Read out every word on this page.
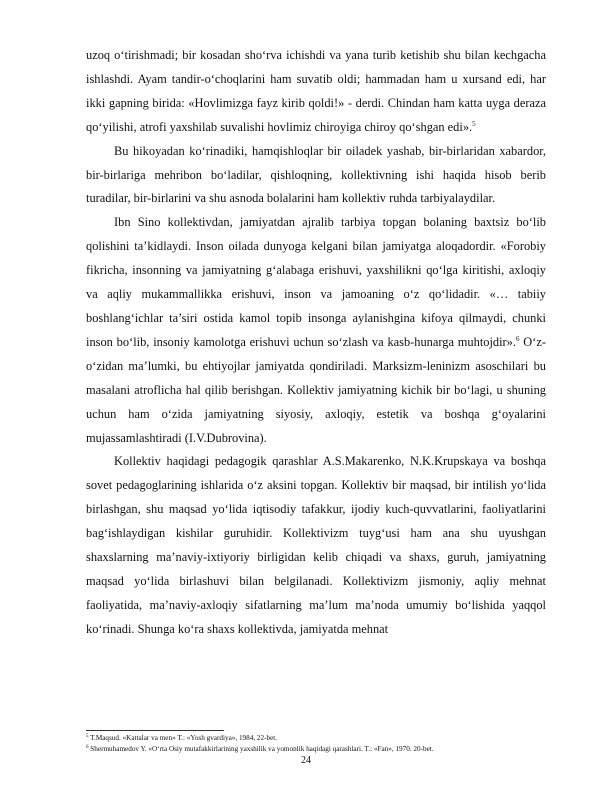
uzoq o‘tirishmadi; bir kosadan sho‘rva ichishdi va yana turib ketishib shu bilan kechgacha ishlashdi. Ayam tandir-o‘choqlarini ham suvatib oldi; hammadan ham u xursand edi, har ikki gapning birida: «Hovlimizga fayz kirib qoldi!» - derdi. Chindan ham katta uyga deraza qo‘yilishi, atrofi yaxshilab suvalishi hovlimiz chiroyiga chiroy qo‘shgan edi».$^5$

Bu hikoyadan ko‘rinadiki, hamqishloqlar bir oiladek yashab, bir-birlaridan xabardor, bir-birlariga mehribon bo‘ladilar, qishloqning, kollektivning ishi haqida hisob berib turadilar, bir-birlarini va shu asnoda bolalarini ham kollektiv ruhda tarbiyalaydilar.

Ibn Sino kollektivdan, jamiyatdan ajralib tarbiya topgan bolaning baxtsiz bo‘lib qolishini ta’kidlaydi. Inson oilada dunyoga kelgani bilan jamiyatga aloqadordir. «Forobiy fikricha, insonning va jamiyatning g‘alabaga erishuvi, yaxshilikni qo‘lga kiritishi, axloqiy va aqliy mukammallikka erishuvi, inson va jamoaning o‘z qo‘lidadir. «… tabiiy boshlang‘ichlar ta’siri ostida kamol topib insonga aylanishgina kifoya qilmaydi, chunki inson bo‘lib, insoniy kamolotga erishuvi uchun so‘zlash va kasb-hunarga muhtojdir».$^6$ O‘z-o‘zidan ma’lumki, bu ehtiyojlar jamiyatda qondiriladi. Marksizm-leninizm asoschilari bu masalani atroflicha hal qilib berishgan. Kollektiv jamiyatning kichik bir bo‘lagi, u shuning uchun ham o‘zida jamiyatning siyosiy, axloqiy, estetik va boshqa g‘oyalarini mujassamlashtiradi (I.V.Dubrovina).

Kollektiv haqidagi pedagogik qarashlar A.S.Makarenko, N.K.Krupskaya va boshqa sovet pedagoglarining ishlarida o‘z aksini topgan. Kollektiv bir maqsad, bir intilish yo‘lida birlashgan, shu maqsad yo‘lida iqtisodiy tafakkur, ijodiy kuch-quvvatlarini, faoliyatlarini bag‘ishlaydigan kishilar guruhidir. Kollektivizm tuyg‘usi ham ana shu uyushgan shaxslarning ma’naviy-ixtiyoriy birligidan kelib chiqadi va shaxs, guruh, jamiyatning maqsad yo‘lida birlashuvi bilan belgilanadi. Kollektivizm jismoniy, aqliy mehnat faoliyatida, ma’naviy-axloqiy sifatlarning ma’lum ma’noda umumiy bo‘lishida yaqqol ko‘rinadi. Shunga ko‘ra shaxs kollektivda, jamiyatda mehnat

$^5$ T.Maqsud. «Kattalar va men» T.: «Yosh gvardiya», 1984, 22-bet.
$^6$ Shermuhamedov Y. «O‘rta Osiy mutafakkirlarining yaxshilik va yomonlik haqidagi qarashlari. T.: «Fan», 1970. 20-bet.
24
